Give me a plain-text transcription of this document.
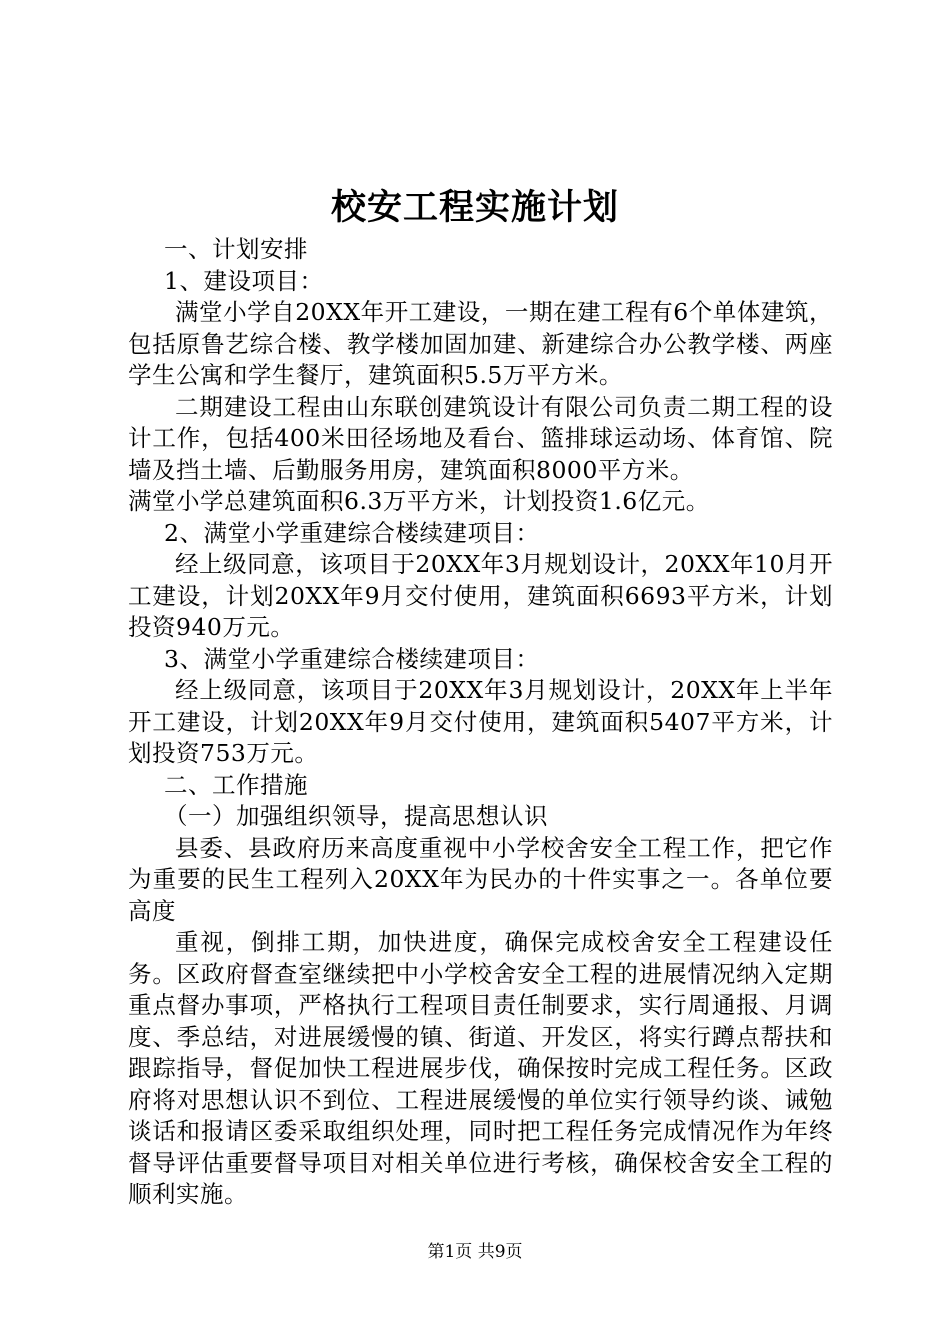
校安工程实施计划

一、计划安排

1、建设项目：

满堂小学自20XX年开工建设，一期在建工程有6个单体建筑，包括原鲁艺综合楼、教学楼加固加建、新建综合办公教学楼、两座学生公寓和学生餐厅，建筑面积5.5万平方米。

二期建设工程由山东联创建筑设计有限公司负责二期工程的设计工作，包括400米田径场地及看台、篮排球运动场、体育馆、院墙及挡土墙、后勤服务用房，建筑面积8000平方米。

满堂小学总建筑面积6.3万平方米，计划投资1.6亿元。

2、满堂小学重建综合楼续建项目：

经上级同意，该项目于20XX年3月规划设计，20XX年10月开工建设，计划20XX年9月交付使用，建筑面积6693平方米，计划投资940万元。

3、满堂小学重建综合楼续建项目：

经上级同意，该项目于20XX年3月规划设计，20XX年上半年开工建设，计划20XX年9月交付使用，建筑面积5407平方米，计划投资753万元。

二、工作措施

（一）加强组织领导，提高思想认识

县委、县政府历来高度重视中小学校舍安全工程工作，把它作为重要的民生工程列入20XX年为民办的十件实事之一。各单位要高度

重视，倒排工期，加快进度，确保完成校舍安全工程建设任务。区政府督查室继续把中小学校舍安全工程的进展情况纳入定期重点督办事项，严格执行工程项目责任制要求，实行周通报、月调度、季总结，对进展缓慢的镇、街道、开发区，将实行蹲点帮扶和跟踪指导，督促加快工程进展步伐，确保按时完成工程任务。区政府将对思想认识不到位、工程进展缓慢的单位实行领导约谈、诫勉谈话和报请区委采取组织处理，同时把工程任务完成情况作为年终督导评估重要督导项目对相关单位进行考核，确保校舍安全工程的顺利实施。

第1页 共9页
